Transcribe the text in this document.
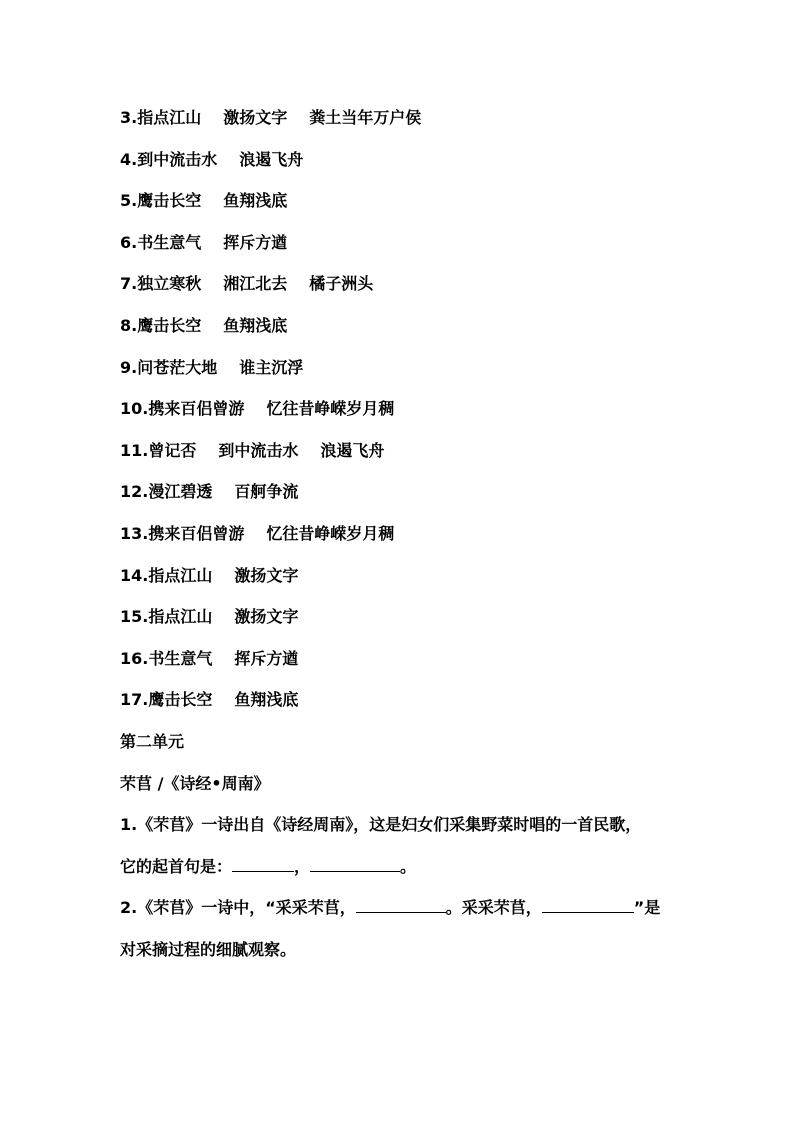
3.指点江山 激扬文字 粪土当年万户侯
4.到中流击水 浪遏飞舟
5.鹰击长空 鱼翔浅底
6.书生意气 挥斥方遒
7.独立寒秋 湘江北去 橘子洲头
8.鹰击长空 鱼翔浅底
9.问苍茫大地 谁主沉浮
10.携来百侣曾游 忆往昔峥嵘岁月稠
11.曾记否 到中流击水 浪遏飞舟
12.漫江碧透 百舸争流
13.携来百侣曾游 忆往昔峥嵘岁月稠
14.指点江山 激扬文字
15.指点江山 激扬文字
16.书生意气 挥斥方遒
17.鹰击长空 鱼翔浅底
第二单元
芣苢 /《诗经•周南》
1.《芣苢》一诗出自《诗经周南》，这是妇女们采集野菜时唱的一首民歌，
它的起首句是：	，	。
2.《芣苢》一诗中，“采采芣苢，	。采采芣苢，	”是
对采摘过程的细腻观察。
